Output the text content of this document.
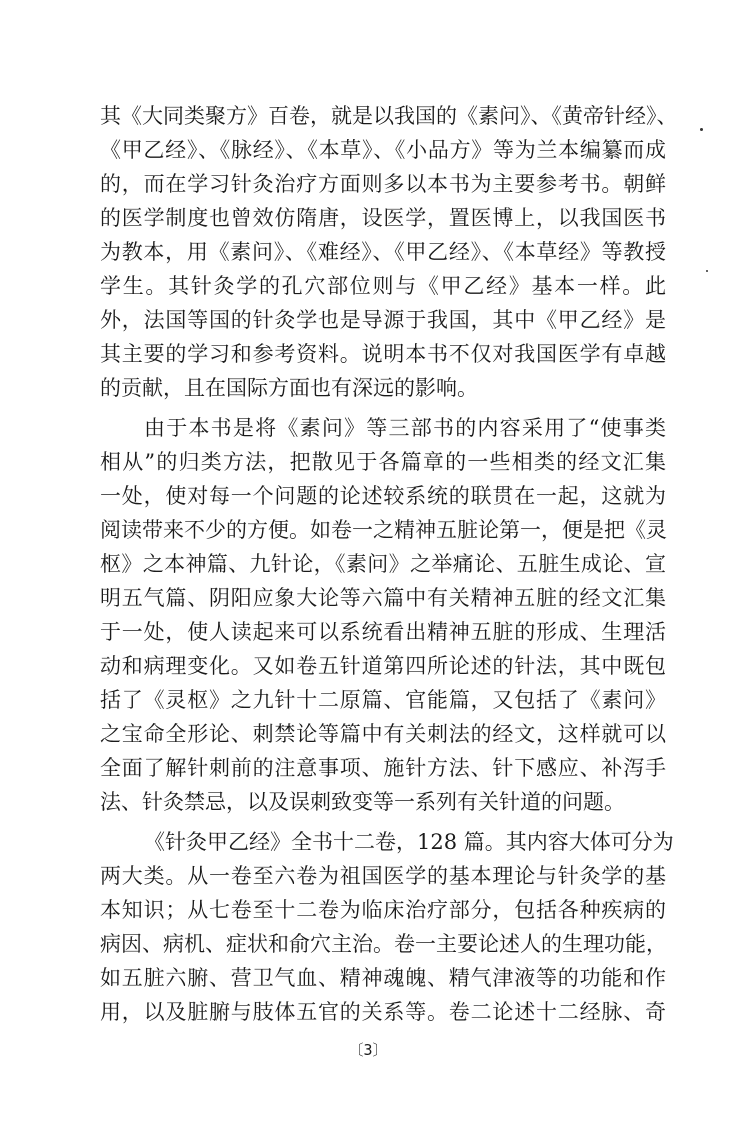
其《大同类聚方》百卷，就是以我国的《素问》、《黄帝针经》、
《甲乙经》、《脉经》、《本草》、《小品方》等为兰本编纂而成
的，而在学习针灸治疗方面则多以本书为主要参考书。朝鲜
的医学制度也曾效仿隋唐，设医学，置医博上，以我国医书
为教本，用《素问》、《难经》、《甲乙经》、《本草经》等教授
学生。其针灸学的孔穴部位则与《甲乙经》基本一样。此
外，法国等国的针灸学也是导源于我国，其中《甲乙经》是
其主要的学习和参考资料。说明本书不仅对我国医学有卓越
的贡献，且在国际方面也有深远的影响。
由于本书是将《素问》等三部书的内容采用了“使事类
相从”的归类方法，把散见于各篇章的一些相类的经文汇集
一处，使对每一个问题的论述较系统的联贯在一起，这就为
阅读带来不少的方便。如卷一之精神五脏论第一，便是把《灵
枢》之本神篇、九针论，《素问》之举痛论、五脏生成论、宣
明五气篇、阴阳应象大论等六篇中有关精神五脏的经文汇集
于一处，使人读起来可以系统看出精神五脏的形成、生理活
动和病理变化。又如卷五针道第四所论述的针法，其中既包
括了《灵枢》之九针十二原篇、官能篇，又包括了《素问》
之宝命全形论、刺禁论等篇中有关刺法的经文，这样就可以
全面了解针刺前的注意事项、施针方法、针下感应、补泻手
法、针灸禁忌，以及误刺致变等一系列有关针道的问题。
《针灸甲乙经》全书十二卷，128 篇。其内容大体可分为
两大类。从一卷至六卷为祖国医学的基本理论与针灸学的基
本知识；从七卷至十二卷为临床治疗部分，包括各种疾病的
病因、病机、症状和俞穴主治。卷一主要论述人的生理功能，
如五脏六腑、营卫气血、精神魂魄、精气津液等的功能和作
用，以及脏腑与肢体五官的关系等。卷二论述十二经脉、奇
〔3〕
